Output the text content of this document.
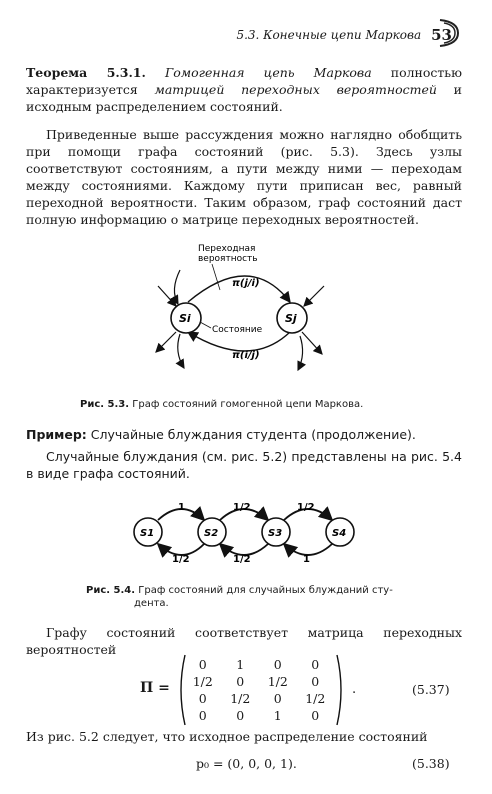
5.3. Конечные цепи Маркова 53
Теорема 5.3.1. Гомогенная цепь Маркова полностью характеризуется матрицей переходных вероятностей и исходным распределением состояний.
Приведенные выше рассуждения можно наглядно обобщить при помощи графа состояний (рис. 5.3). Здесь узлы соответствуют состояниям, а пути между ними — переходам между состояниями. Каждому пути приписан вес, равный переходной вероятности. Таким образом, граф состояний даст полную информацию о матрице переходных вероятностей.
Переходная
вероятность
π(j/i)
π(i/j)
Si	Sj
Состояние
Рис. 5.3. Граф состояний гомогенной цепи Маркова.
Пример: Случайные блуждания студента (продолжение).
Случайные блуждания (см. рис. 5.2) представлены на рис. 5.4 в виде графа состояний.
1	1/2	1/2
1/2	1/2	1
S1	S2	S3	S4
Рис. 5.4. Граф состояний для случайных блужданий сту-
дента.
Графу состояний соответствует матрица переходных вероятностей
Π =
0	1	0	0
1/2	0	1/2	0
0	1/2	0	1/2
0	0	1	0
.	(5.37)
Из рис. 5.2 следует, что исходное распределение состояний
p₀ = (0, 0, 0, 1).	(5.38)
